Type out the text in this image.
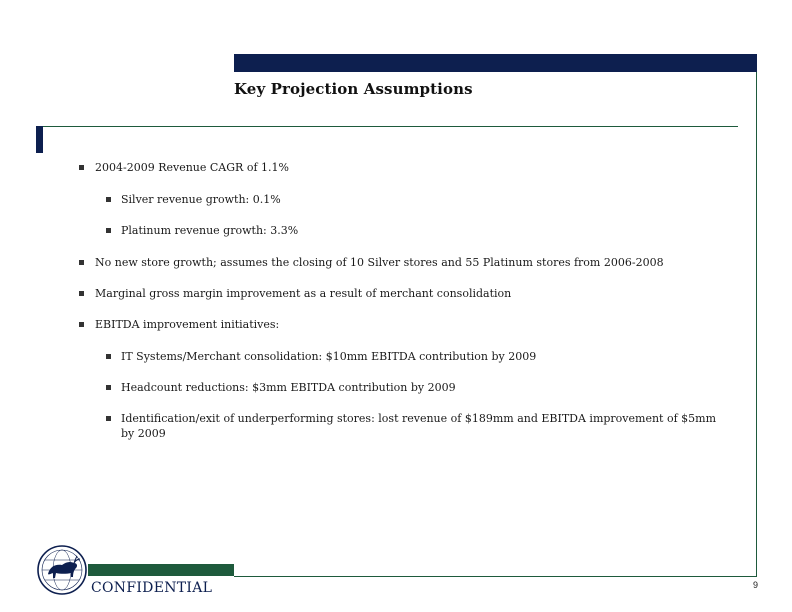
Key Projection Assumptions
2004-2009 Revenue CAGR of 1.1%
Silver revenue growth: 0.1%
Platinum revenue growth: 3.3%
No new store growth; assumes the closing of 10 Silver stores and 55 Platinum stores from 2006-2008
Marginal gross margin improvement as a result of merchant consolidation
EBITDA improvement initiatives:
IT Systems/Merchant consolidation: $10mm EBITDA contribution by 2009
Headcount reductions: $3mm EBITDA contribution by 2009
Identification/exit of underperforming stores: lost revenue of $189mm and EBITDA improvement of $5mm by 2009
CONFIDENTIAL	9
